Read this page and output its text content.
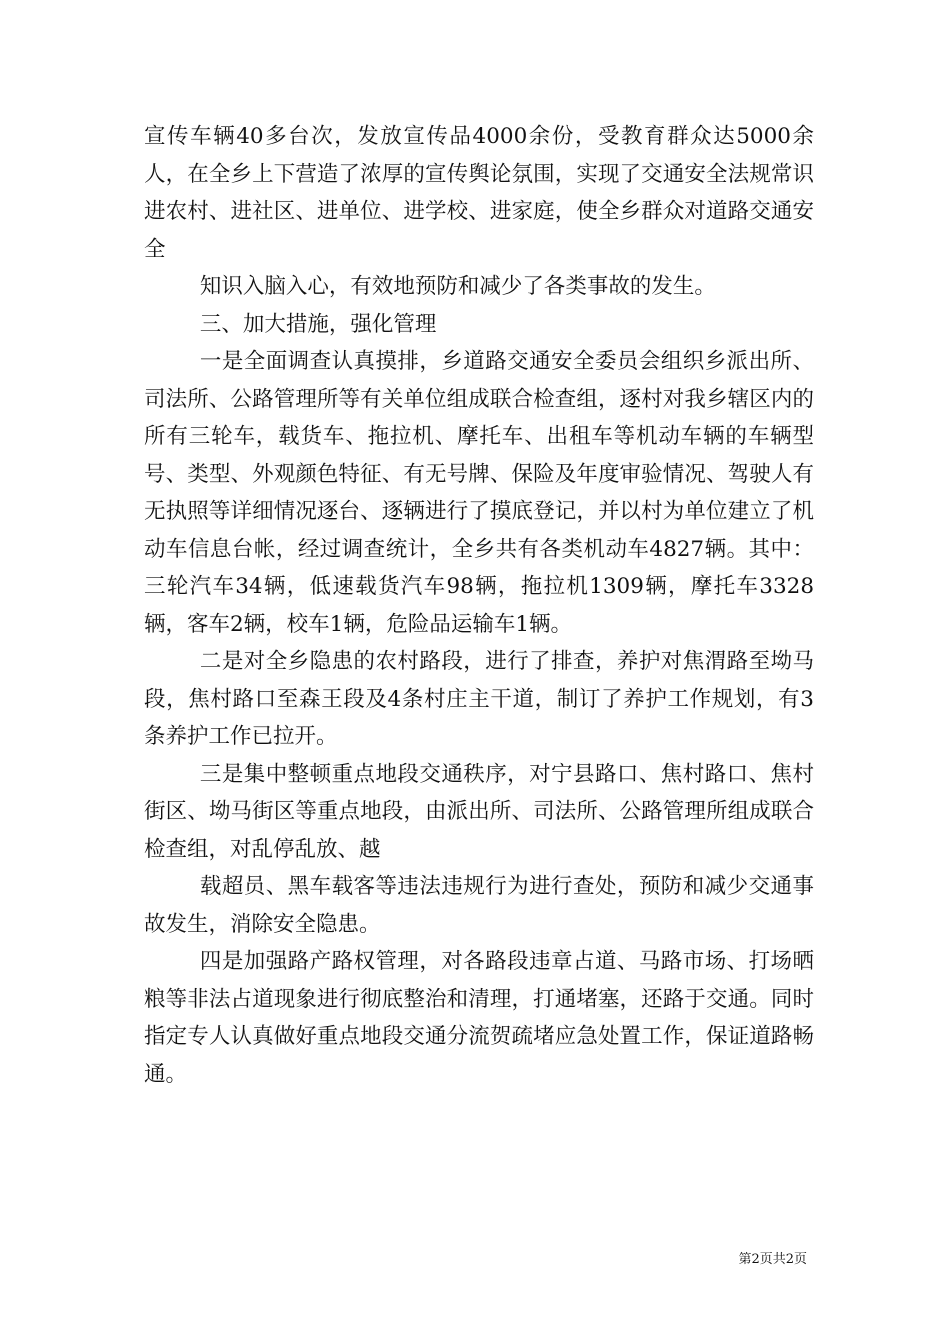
宣传车辆40多台次，发放宣传品4000余份，受教育群众达5000余人，在全乡上下营造了浓厚的宣传舆论氛围，实现了交通安全法规常识进农村、进社区、进单位、进学校、进家庭，使全乡群众对道路交通安全

知识入脑入心，有效地预防和减少了各类事故的发生。

三、加大措施，强化管理

一是全面调查认真摸排，乡道路交通安全委员会组织乡派出所、司法所、公路管理所等有关单位组成联合检查组，逐村对我乡辖区内的所有三轮车，载货车、拖拉机、摩托车、出租车等机动车辆的车辆型号、类型、外观颜色特征、有无号牌、保险及年度审验情况、驾驶人有无执照等详细情况逐台、逐辆进行了摸底登记，并以村为单位建立了机动车信息台帐，经过调查统计，全乡共有各类机动车4827辆。其中：三轮汽车34辆，低速载货汽车98辆，拖拉机1309辆，摩托车3328辆，客车2辆，校车1辆，危险品运输车1辆。

二是对全乡隐患的农村路段，进行了排查，养护对焦渭路至坳马段，焦村路口至森王段及4条村庄主干道，制订了养护工作规划，有3条养护工作已拉开。

三是集中整顿重点地段交通秩序，对宁县路口、焦村路口、焦村街区、坳马街区等重点地段，由派出所、司法所、公路管理所组成联合检查组，对乱停乱放、越

载超员、黑车载客等违法违规行为进行查处，预防和减少交通事故发生，消除安全隐患。

四是加强路产路权管理，对各路段违章占道、马路市场、打场晒粮等非法占道现象进行彻底整治和清理，打通堵塞，还路于交通。同时指定专人认真做好重点地段交通分流贺疏堵应急处置工作，保证道路畅通。

第2页共2页
